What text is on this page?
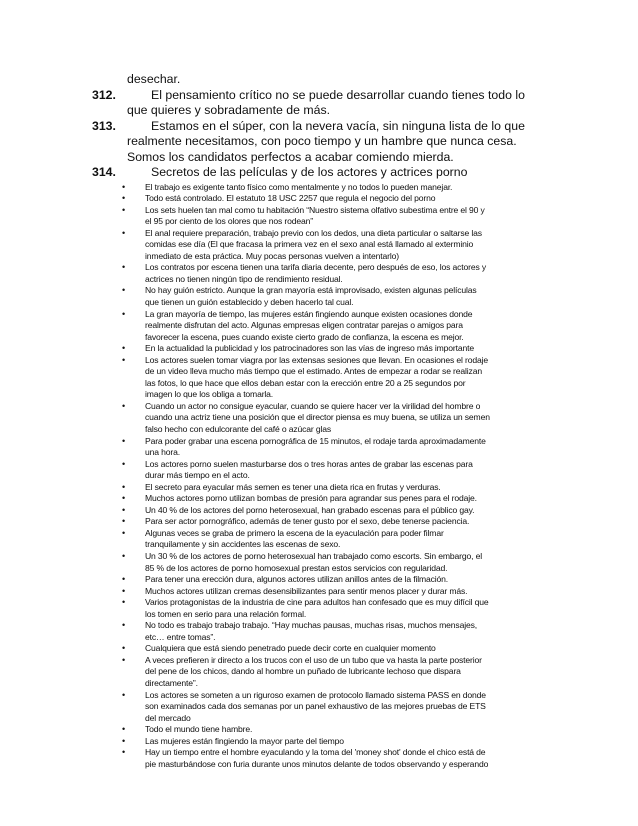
desechar.

312.	El pensamiento crítico no se puede desarrollar cuando tienes todo lo
que quieres y sobradamente de más.
313.	Estamos en el súper, con la nevera vacía, sin ninguna lista de lo que
realmente necesitamos, con poco tiempo y un hambre que nunca cesa.
Somos los candidatos perfectos a acabar comiendo mierda.
314.	Secretos de las películas y de los actores y actrices porno
• El trabajo es exigente tanto físico como mentalmente y no todos lo pueden manejar.
• Todo está controlado. El estatuto 18 USC 2257 que regula el negocio del porno
• Los sets huelen tan mal como tu habitación “Nuestro sistema olfativo subestima entre el 90 y
el 95 por ciento de los olores que nos rodean”
• El anal requiere preparación, trabajo previo con los dedos, una dieta particular o saltarse las
comidas ese día (El que fracasa la primera vez en el sexo anal está llamado al exterminio
inmediato de esta práctica. Muy pocas personas vuelven a intentarlo)
• Los contratos por escena tienen una tarifa diaria decente, pero después de eso, los actores y
actrices no tienen ningún tipo de rendimiento residual.
• No hay guión estricto. Aunque la gran mayoría está improvisado, existen algunas películas
que tienen un guión establecido y deben hacerlo tal cual.
• La gran mayoría de tiempo, las mujeres están fingiendo aunque existen ocasiones donde
realmente disfrutan del acto. Algunas empresas eligen contratar parejas o amigos para
favorecer la escena, pues cuando existe cierto grado de confianza, la escena es mejor.
• En la actualidad la publicidad y los patrocinadores son las vías de ingreso más importante
• Los actores suelen tomar viagra por las extensas sesiones que llevan. En ocasiones el rodaje
de un video lleva mucho más tiempo que el estimado. Antes de empezar a rodar se realizan
las fotos, lo que hace que ellos deban estar con la erección entre 20 a 25 segundos por
imagen lo que los obliga a tomarla.
• Cuando un actor no consigue eyacular, cuando se quiere hacer ver la virilidad del hombre o
cuando una actriz tiene una posición que el director piensa es muy buena, se utiliza un semen
falso hecho con edulcorante del café o azúcar glas
• Para poder grabar una escena pornográfica de 15 minutos, el rodaje tarda aproximadamente
una hora.
• Los actores porno suelen masturbarse dos o tres horas antes de grabar las escenas para
durar más tiempo en el acto.
• El secreto para eyacular más semen es tener una dieta rica en frutas y verduras.
• Muchos actores porno utilizan bombas de presión para agrandar sus penes para el rodaje.
• Un 40 % de los actores del porno heterosexual, han grabado escenas para el público gay.
• Para ser actor pornográfico, además de tener gusto por el sexo, debe tenerse paciencia.
• Algunas veces se graba de primero la escena de la eyaculación para poder filmar
tranquilamente y sin accidentes las escenas de sexo.
• Un 30 % de los actores de porno heterosexual han trabajado como escorts. Sin embargo, el
85 % de los actores de porno homosexual prestan estos servicios con regularidad.
• Para tener una erección dura, algunos actores utilizan anillos antes de la filmación.
• Muchos actores utilizan cremas desensibilizantes para sentir menos placer y durar más.
• Varios protagonistas de la industria de cine para adultos han confesado que es muy difícil que
los tomen en serio para una relación formal.
• No todo es trabajo trabajo trabajo. “Hay muchas pausas, muchas risas, muchos mensajes,
etc… entre tomas”.
• Cualquiera que está siendo penetrado puede decir corte en cualquier momento
• A veces prefieren ir directo a los trucos con el uso de un tubo que va hasta la parte posterior
del pene de los chicos, dando al hombre un puñado de lubricante lechoso que dispara
directamente”.
• Los actores se someten a un riguroso examen de protocolo llamado sistema PASS en donde
son examinados cada dos semanas por un panel exhaustivo de las mejores pruebas de ETS
del mercado
• Todo el mundo tiene hambre.
• Las mujeres están fingiendo la mayor parte del tiempo
• Hay un tiempo entre el hombre eyaculando y la toma del 'money shot' donde el chico está de
pie masturbándose con furia durante unos minutos delante de todos observando y esperando
